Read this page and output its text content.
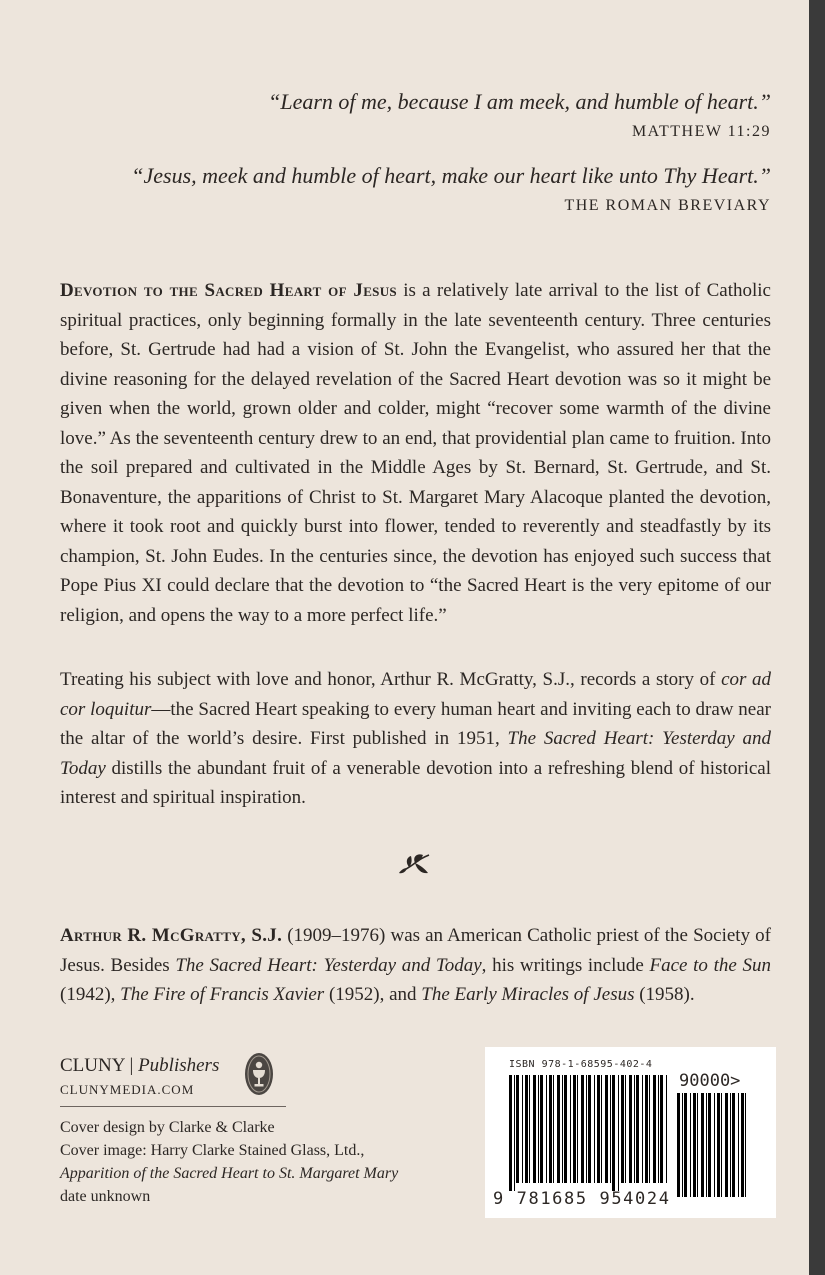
“Learn of me, because I am meek, and humble of heart.”
MATTHEW 11:29
“Jesus, meek and humble of heart, make our heart like unto Thy Heart.”
THE ROMAN BREVIARY

Devotion to the Sacred Heart of Jesus is a relatively late arrival to the list of Catholic spiritual practices, only beginning formally in the late seventeenth century. Three centuries before, St. Gertrude had had a vision of St. John the Evangelist, who assured her that the divine reasoning for the delayed revelation of the Sacred Heart devotion was so it might be given when the world, grown older and colder, might “recover some warmth of the divine love.” As the seventeenth century drew to an end, that providential plan came to fruition. Into the soil prepared and cultivated in the Middle Ages by St. Bernard, St. Gertrude, and St. Bonaventure, the apparitions of Christ to St. Margaret Mary Alacoque planted the devotion, where it took root and quickly burst into flower, tended to reverently and steadfastly by its champion, St. John Eudes. In the centuries since, the devotion has enjoyed such success that Pope Pius XI could declare that the devotion to “the Sacred Heart is the very epitome of our religion, and opens the way to a more perfect life.”

Treating his subject with love and honor, Arthur R. McGratty, S.J., records a story of cor ad cor loquitur—the Sacred Heart speaking to every human heart and inviting each to draw near the altar of the world’s desire. First published in 1951, The Sacred Heart: Yesterday and Today distills the abundant fruit of a venerable devotion into a refreshing blend of historical interest and spiritual inspiration.

Arthur R. McGratty, S.J. (1909–1976) was an American Catholic priest of the Society of Jesus. Besides The Sacred Heart: Yesterday and Today, his writings include Face to the Sun (1942), The Fire of Francis Xavier (1952), and The Early Miracles of Jesus (1958).

CLUNY | Publishers
CLUNYMEDIA.COM
Cover design by Clarke & Clarke
Cover image: Harry Clarke Stained Glass, Ltd.,
Apparition of the Sacred Heart to St. Margaret Mary
date unknown
ISBN 978-1-68595-402-4
90000>
9 781685 954024
